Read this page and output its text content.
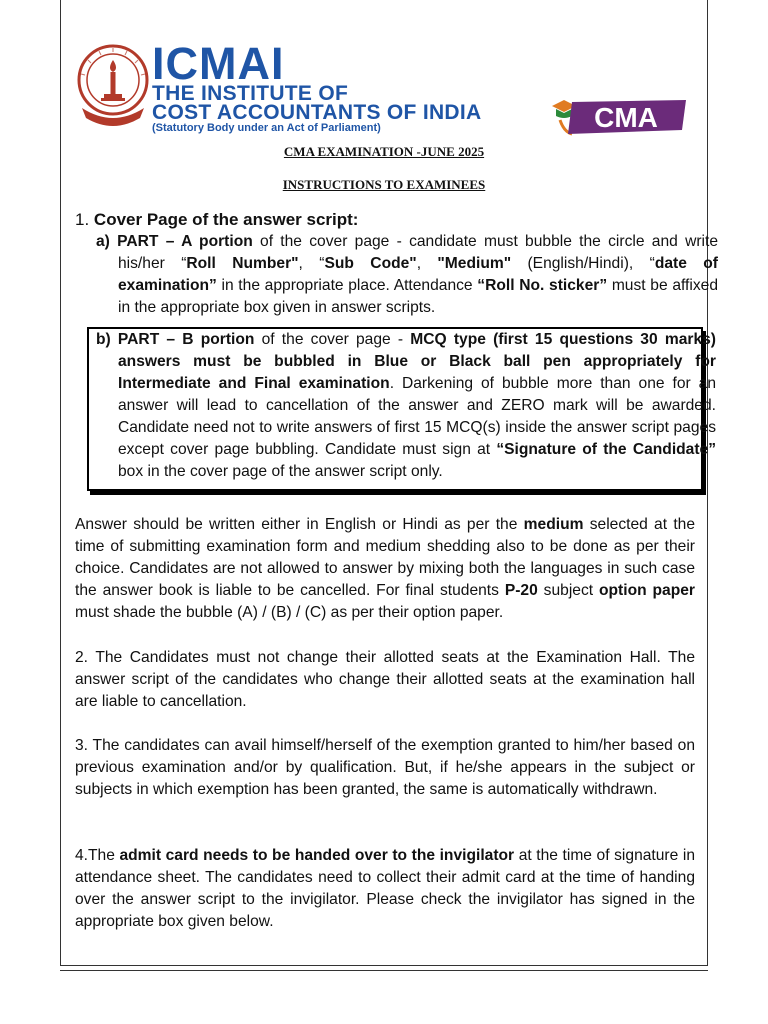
ICMAI
THE INSTITUTE OF
COST ACCOUNTANTS OF INDIA
(Statutory Body under an Act of Parliament)	CMA
CMA EXAMINATION -JUNE 2025
INSTRUCTIONS TO EXAMINEES
1. Cover Page of the answer script:
a) PART – A portion of the cover page - candidate must bubble the circle and write his/her “Roll Number", “Sub Code", "Medium" (English/Hindi), “date of examination” in the appropriate place. Attendance “Roll No. sticker” must be affixed in the appropriate box given in answer scripts.
b) PART – B portion of the cover page - MCQ type (first 15 questions 30 marks) answers must be bubbled in Blue or Black ball pen appropriately for Intermediate and Final examination. Darkening of bubble more than one for an answer will lead to cancellation of the answer and ZERO mark will be awarded. Candidate need not to write answers of first 15 MCQ(s) inside the answer script pages except cover page bubbling. Candidate must sign at “Signature of the Candidate” box in the cover page of the answer script only.
Answer should be written either in English or Hindi as per the medium selected at the time of submitting examination form and medium shedding also to be done as per their choice. Candidates are not allowed to answer by mixing both the languages in such case the answer book is liable to be cancelled. For final students P-20 subject option paper must shade the bubble (A) / (B) / (C) as per their option paper.
2. The Candidates must not change their allotted seats at the Examination Hall. The answer script of the candidates who change their allotted seats at the examination hall are liable to cancellation.
3. The candidates can avail himself/herself of the exemption granted to him/her based on previous examination and/or by qualification. But, if he/she appears in the subject or subjects in which exemption has been granted, the same is automatically withdrawn.
4.The admit card needs to be handed over to the invigilator at the time of signature in attendance sheet. The candidates need to collect their admit card at the time of handing over the answer script to the invigilator. Please check the invigilator has signed in the appropriate box given below.
